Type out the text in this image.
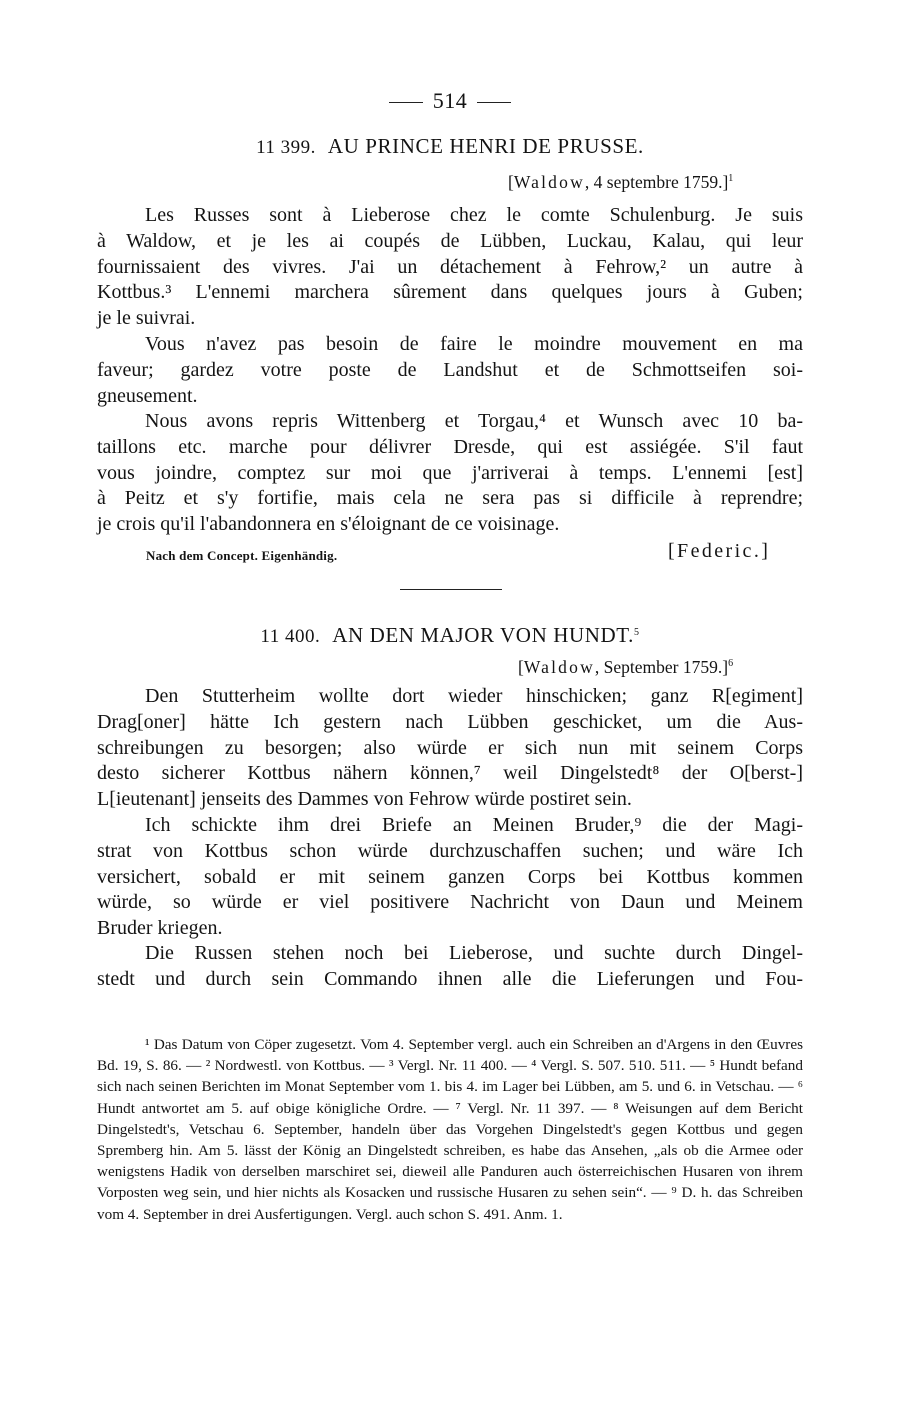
514
11 399. AU PRINCE HENRI DE PRUSSE.
[Waldow, 4 septembre 1759.]$^1$
Les Russes sont à Lieberose chez le comte Schulenburg. Je suis
à Waldow, et je les ai coupés de Lübben, Luckau, Kalau, qui leur
fournissaient des vivres. J'ai un détachement à Fehrow,² un autre à
Kottbus.³ L'ennemi marchera sûrement dans quelques jours à Guben;
je le suivrai.
Vous n'avez pas besoin de faire le moindre mouvement en ma
faveur; gardez votre poste de Landshut et de Schmottseifen soi-
gneusement.
Nous avons repris Wittenberg et Torgau,⁴ et Wunsch avec 10 ba-
taillons etc. marche pour délivrer Dresde, qui est assiégée. S'il faut
vous joindre, comptez sur moi que j'arriverai à temps. L'ennemi [est]
à Peitz et s'y fortifie, mais cela ne sera pas si difficile à reprendre;
je crois qu'il l'abandonnera en s'éloignant de ce voisinage.
Nach dem Concept. Eigenhändig.	[Federic.]
11 400. AN DEN MAJOR VON HUNDT.$^5$
[Waldow, September 1759.]$^6$
Den Stutterheim wollte dort wieder hinschicken; ganz R[egiment]
Drag[oner] hätte Ich gestern nach Lübben geschicket, um die Aus-
schreibungen zu besorgen; also würde er sich nun mit seinem Corps
desto sicherer Kottbus nähern können,⁷ weil Dingelstedt⁸ der O[berst-]
L[ieutenant] jenseits des Dammes von Fehrow würde postiret sein.
Ich schickte ihm drei Briefe an Meinen Bruder,⁹ die der Magi-
strat von Kottbus schon würde durchzuschaffen suchen; und wäre Ich
versichert, sobald er mit seinem ganzen Corps bei Kottbus kommen
würde, so würde er viel positivere Nachricht von Daun und Meinem
Bruder kriegen.
Die Russen stehen noch bei Lieberose, und suchte durch Dingel-
stedt und durch sein Commando ihnen alle die Lieferungen und Fou-
¹ Das Datum von Cöper zugesetzt. Vom 4. September vergl. auch ein Schreiben an d'Argens in den Œuvres Bd. 19, S. 86. — ² Nordwestl. von Kottbus. — ³ Vergl. Nr. 11 400. — ⁴ Vergl. S. 507. 510. 511. — ⁵ Hundt befand sich nach seinen Berichten im Monat September vom 1. bis 4. im Lager bei Lübben, am 5. und 6. in Vetschau. — ⁶ Hundt antwortet am 5. auf obige königliche Ordre. — ⁷ Vergl. Nr. 11 397. — ⁸ Weisungen auf dem Bericht Dingelstedt's, Vetschau 6. September, handeln über das Vorgehen Dingelstedt's gegen Kottbus und gegen Spremberg hin. Am 5. lässt der König an Dingelstedt schreiben, es habe das Ansehen, „als ob die Armee oder wenigstens Hadik von derselben marschiret sei, dieweil alle Panduren auch österreichischen Husaren von ihrem Vorposten weg sein, und hier nichts als Kosacken und russische Husaren zu sehen sein“. — ⁹ D. h. das Schreiben vom 4. September in drei Ausfertigungen. Vergl. auch schon S. 491. Anm. 1.
